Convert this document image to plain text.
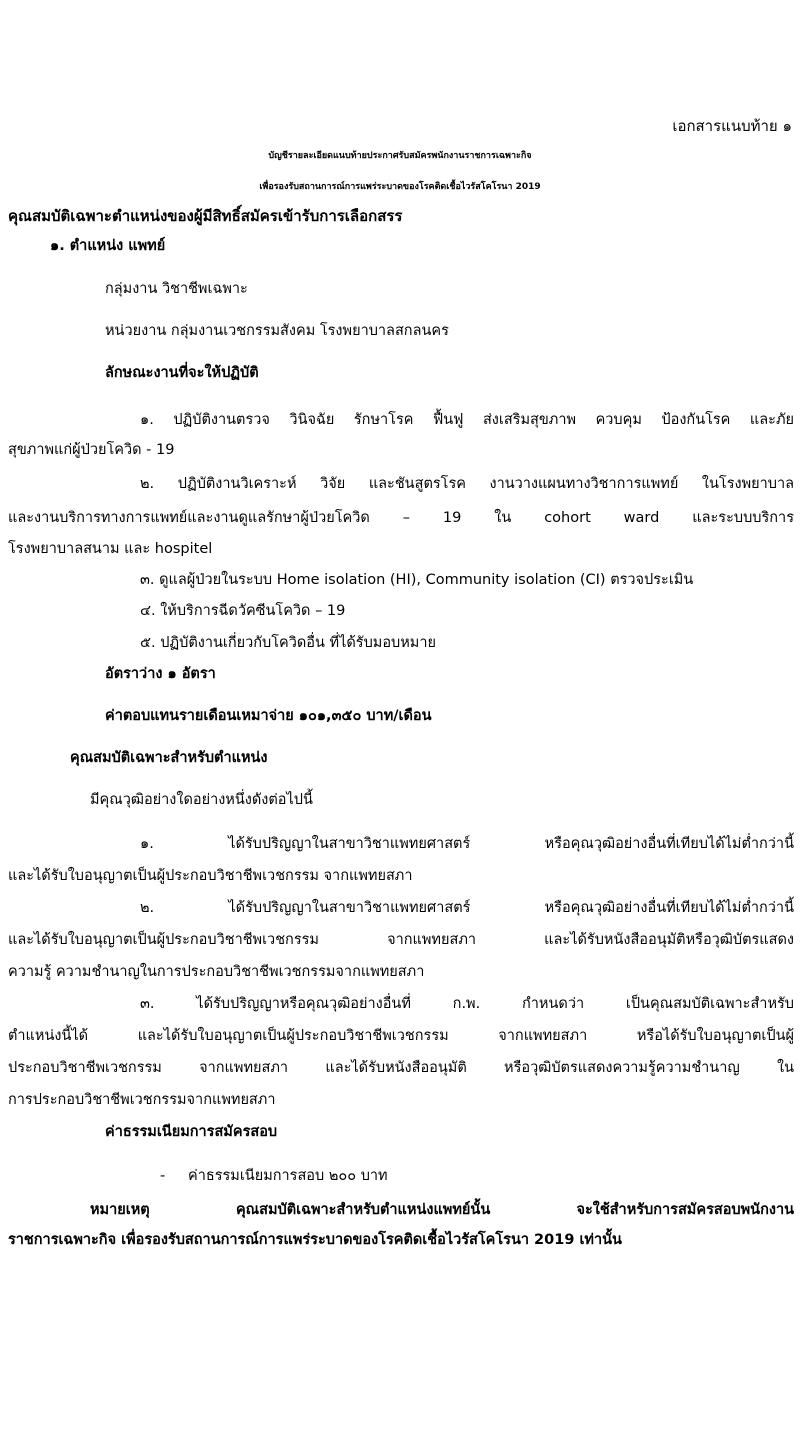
เอกสารแนบท้าย ๑
บัญชีรายละเอียดแนบท้ายประกาศรับสมัครพนักงานราชการเฉพาะกิจ
เพื่อรองรับสถานการณ์การแพร่ระบาดของโรคติดเชื้อไวรัสโคโรนา 2019
คุณสมบัติเฉพาะตำแหน่งของผู้มีสิทธิ์สมัครเข้ารับการเลือกสรร
๑. ตำแหน่ง แพทย์
กลุ่มงาน วิชาชีพเฉพาะ
หน่วยงาน กลุ่มงานเวชกรรมสังคม โรงพยาบาลสกลนคร
ลักษณะงานที่จะให้ปฏิบัติ
๑. ปฏิบัติงานตรวจ วินิจฉัย รักษาโรค ฟื้นฟู ส่งเสริมสุขภาพ ควบคุม ป้องกันโรค และภัย
สุขภาพแก่ผู้ป่วยโควิด - 19
๒. ปฏิบัติงานวิเคราะห์ วิจัย และชันสูตรโรค งานวางแผนทางวิชาการแพทย์ ในโรงพยาบาล
และงานบริการทางการแพทย์และงานดูแลรักษาผู้ป่วยโควิด – 19 ใน cohort ward และระบบบริการ
โรงพยาบาลสนาม และ hospitel
๓. ดูแลผู้ป่วยในระบบ Home isolation (HI), Community isolation (CI) ตรวจประเมิน
๔. ให้บริการฉีดวัคซีนโควิด – 19
๕. ปฏิบัติงานเกี่ยวกับโควิดอื่น ที่ได้รับมอบหมาย
อัตราว่าง ๑ อัตรา
ค่าตอบแทนรายเดือนเหมาจ่าย ๑๐๑,๓๕๐ บาท/เดือน
คุณสมบัติเฉพาะสำหรับตำแหน่ง
มีคุณวุฒิอย่างใดอย่างหนึ่งดังต่อไปนี้
๑. ได้รับปริญญาในสาขาวิชาแพทยศาสตร์ หรือคุณวุฒิอย่างอื่นที่เทียบได้ไม่ต่ำกว่านี้
และได้รับใบอนุญาตเป็นผู้ประกอบวิชาชีพเวชกรรม จากแพทยสภา
๒. ได้รับปริญญาในสาขาวิชาแพทยศาสตร์ หรือคุณวุฒิอย่างอื่นที่เทียบได้ไม่ต่ำกว่านี้
และได้รับใบอนุญาตเป็นผู้ประกอบวิชาชีพเวชกรรม จากแพทยสภา และได้รับหนังสืออนุมัติหรือวุฒิบัตรแสดง
ความรู้ ความชำนาญในการประกอบวิชาชีพเวชกรรมจากแพทยสภา
๓. ได้รับปริญญาหรือคุณวุฒิอย่างอื่นที่ ก.พ. กำหนดว่า เป็นคุณสมบัติเฉพาะสำหรับ
ตำแหน่งนี้ได้ และได้รับใบอนุญาตเป็นผู้ประกอบวิชาชีพเวชกรรม จากแพทยสภา หรือได้รับใบอนุญาตเป็นผู้
ประกอบวิชาชีพเวชกรรม จากแพทยสภา และได้รับหนังสืออนุมัติ หรือวุฒิบัตรแสดงความรู้ความชำนาญ ใน
การประกอบวิชาชีพเวชกรรมจากแพทยสภา
ค่าธรรมเนียมการสมัครสอบ
- ค่าธรรมเนียมการสอบ ๒๐๐ บาท
หมายเหตุ คุณสมบัติเฉพาะสำหรับตำแหน่งแพทย์นั้น จะใช้สำหรับการสมัครสอบพนักงาน
ราชการเฉพาะกิจ เพื่อรองรับสถานการณ์การแพร่ระบาดของโรคติดเชื้อไวรัสโคโรนา 2019 เท่านั้น
